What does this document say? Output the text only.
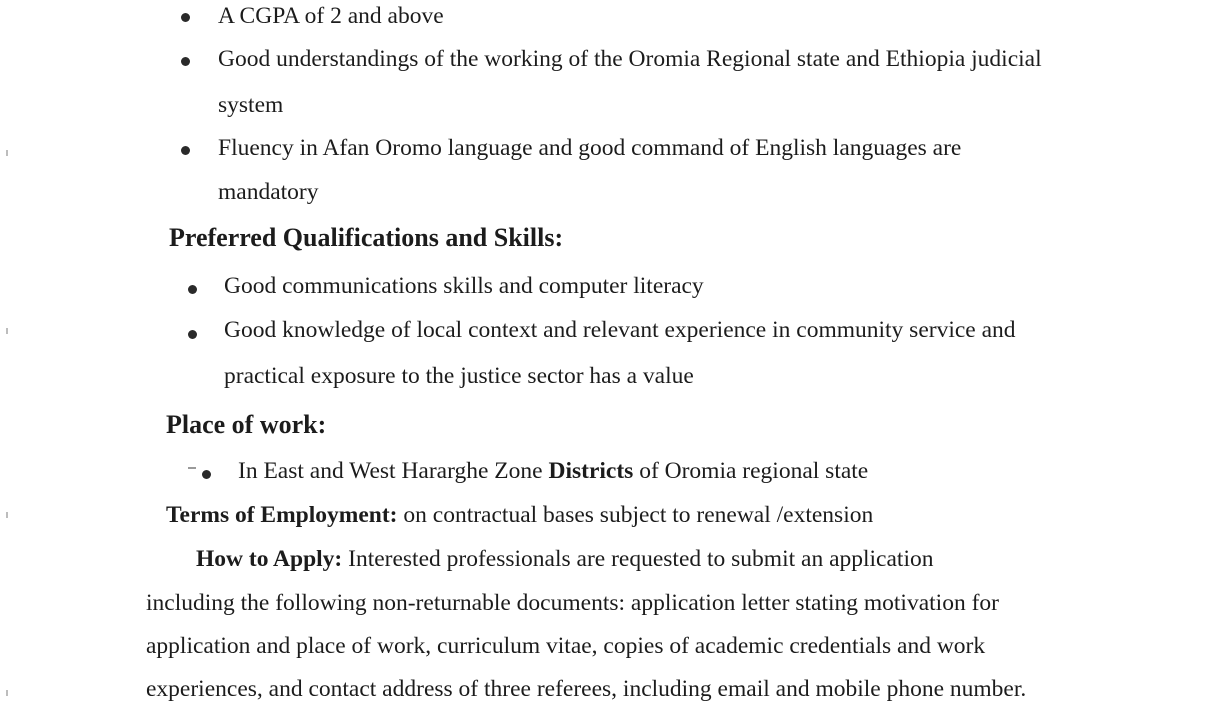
A CGPA of 2 and above
Good understandings of the working of the Oromia Regional state and Ethiopia judicial
system
Fluency in Afan Oromo language and good command of English languages are
mandatory
Preferred Qualifications and Skills:
Good communications skills and computer literacy
Good knowledge of local context and relevant experience in community service and
practical exposure to the justice sector has a value
Place of work:
In East and West Hararghe Zone Districts of Oromia regional state
Terms of Employment: on contractual bases subject to renewal /extension
How to Apply: Interested professionals are requested to submit an application
including the following non-returnable documents: application letter stating motivation for
application and place of work, curriculum vitae, copies of academic credentials and work
experiences, and contact address of three referees, including email and mobile phone number.
